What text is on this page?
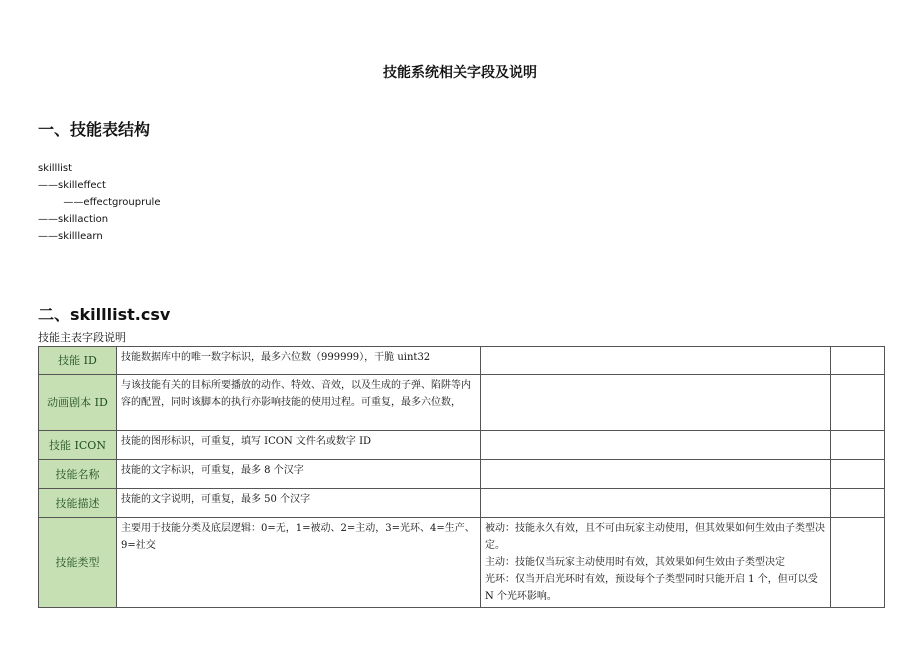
技能系统相关字段及说明
一、技能表结构
skilllist
——skilleffect
——effectgrouprule
——skillaction
——skilllearn
二、skilllist.csv
技能主表字段说明
技能 ID	技能数据库中的唯一数字标识，最多六位数（999999），干脆 uint32		
动画剧本 ID	与该技能有关的目标所要播放的动作、特效、音效，以及生成的子弹、陷阱等内容的配置，同时该脚本的执行亦影响技能的使用过程。可重复，最多六位数，		
技能 ICON	技能的图形标识，可重复，填写 ICON 文件名或数字 ID		
技能名称	技能的文字标识，可重复，最多 8 个汉字		
技能描述	技能的文字说明，可重复，最多 50 个汉字		
技能类型	主要用于技能分类及底层逻辑：0=无，1=被动、2=主动，3=光环、4=生产、9=社交	被动：技能永久有效，且不可由玩家主动使用，但其效果如何生效由子类型决定。
主动：技能仅当玩家主动使用时有效，其效果如何生效由子类型决定
光环：仅当开启光环时有效，预设每个子类型同时只能开启 1 个，但可以受 N 个光环影响。	
